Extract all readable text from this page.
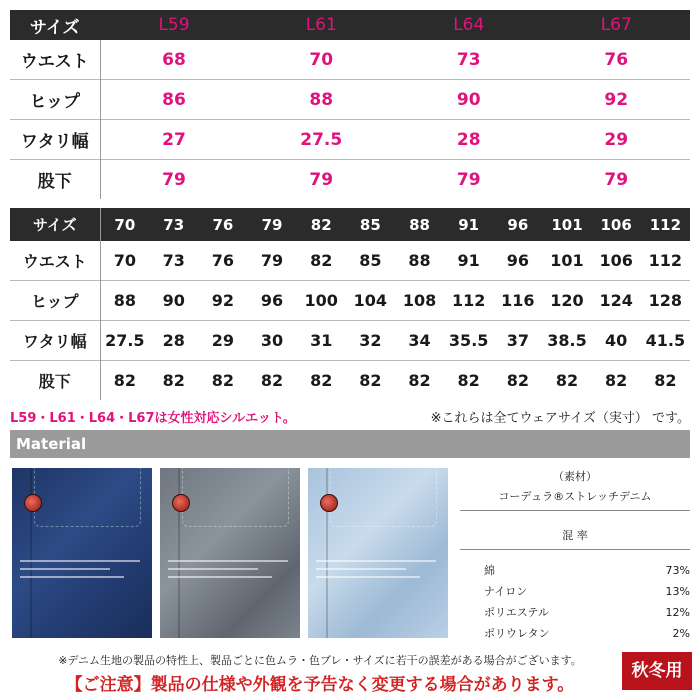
サイズ	L59	L61	L64	L67
ウエスト	68	70	73	76
ヒップ	86	88	90	92
ワタリ幅	27	27.5	28	29
股下	79	79	79	79
サイズ	70	73	76	79	82	85	88	91	96	101	106	112
ウエスト	70	73	76	79	82	85	88	91	96	101	106	112
ヒップ	88	90	92	96	100	104	108	112	116	120	124	128
ワタリ幅	27.5	28	29	30	31	32	34	35.5	37	38.5	40	41.5
股下	82	82	82	82	82	82	82	82	82	82	82	82
L59・L61・L64・L67は女性対応シルエット。	※これらは全てウェアサイズ（実寸） です。
Material
（素材）
コーデュラ®ストレッチデニム
混 率
綿	73%
ナイロン	13%
ポリエステル	12%
ポリウレタン	2%
※デニム生地の製品の特性上、製品ごとに色ムラ・色ブレ・サイズに若干の誤差がある場合がございます。
【ご注意】製品の仕様や外観を予告なく変更する場合があります。
秋冬用
